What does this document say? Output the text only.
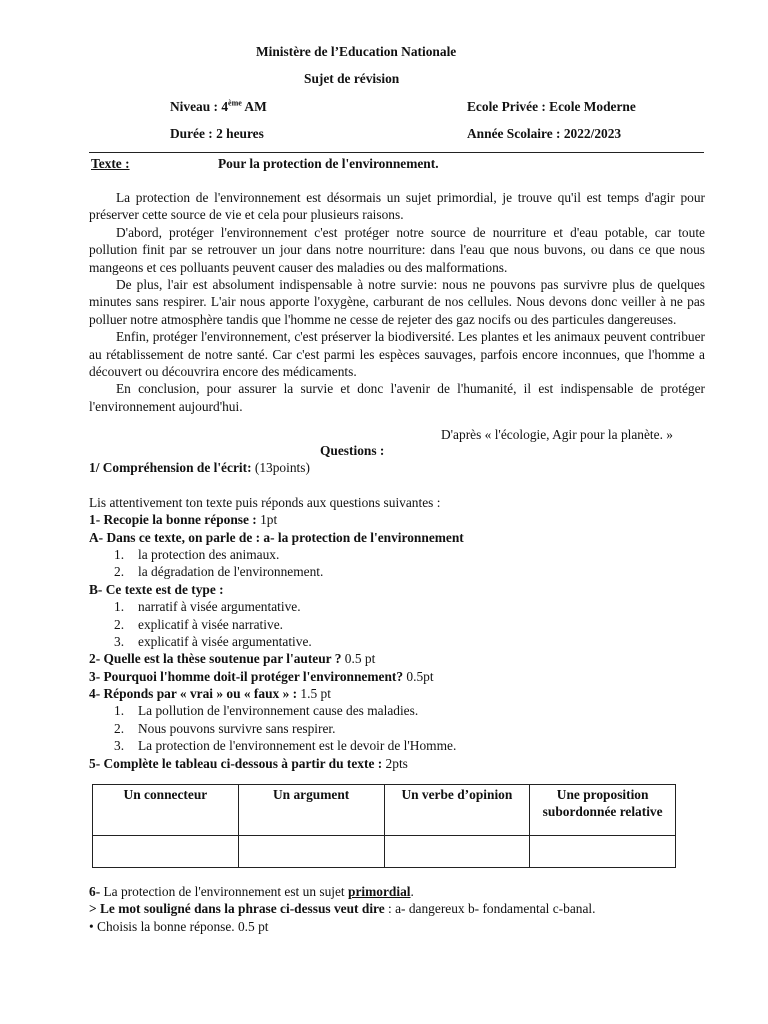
Ministère de l’Education Nationale
Sujet de révision
Niveau : 4ème AM	Ecole Privée : Ecole Moderne
Durée : 2 heures	Année Scolaire : 2022/2023
Texte :	Pour la protection de l'environnement.

La protection de l'environnement est désormais un sujet primordial, je trouve qu'il est temps d'agir pour préserver cette source de vie et cela pour plusieurs raisons.

D'abord, protéger l'environnement c'est protéger notre source de nourriture et d'eau potable, car toute pollution finit par se retrouver un jour dans notre nourriture: dans l'eau que nous buvons, ou dans ce que nous mangeons et ces polluants peuvent causer des maladies ou des malformations.

De plus, l'air est absolument indispensable à notre survie: nous ne pouvons pas survivre plus de quelques minutes sans respirer. L'air nous apporte l'oxygène, carburant de nos cellules. Nous devons donc veiller à ne pas polluer notre atmosphère tandis que l'homme ne cesse de rejeter des gaz nocifs ou des particules dangereuses.

Enfin, protéger l'environnement, c'est préserver la biodiversité. Les plantes et les animaux peuvent contribuer au rétablissement de notre santé. Car c'est parmi les espèces sauvages, parfois encore inconnues, que l'homme a découvert ou découvrira encore des médicaments.

En conclusion, pour assurer la survie et donc l'avenir de l'humanité, il est indispensable de protéger l'environnement aujourd'hui.

D'après « l'écologie, Agir pour la planète. »
Questions :
1/ Compréhension de l'écrit: (13points)
Lis attentivement ton texte puis réponds aux questions suivantes :
1- Recopie la bonne réponse : 1pt
A- Dans ce texte, on parle de : a- la protection de l'environnement
1. la protection des animaux.
2. la dégradation de l'environnement.
B- Ce texte est de type :
1. narratif à visée argumentative.
2. explicatif à visée narrative.
3. explicatif à visée argumentative.
2- Quelle est la thèse soutenue par l'auteur ? 0.5 pt
3- Pourquoi l'homme doit-il protéger l'environnement? 0.5pt
4- Réponds par « vrai » ou « faux » : 1.5 pt
1. La pollution de l'environnement cause des maladies.
2. Nous pouvons survivre sans respirer.
3. La protection de l'environnement est le devoir de l'Homme.
5- Complète le tableau ci-dessous à partir du texte : 2pts
Un connecteur	Un argument	Un verbe d’opinion	Une proposition subordonnée relative

6- La protection de l'environnement est un sujet primordial.
> Le mot souligné dans la phrase ci-dessus veut dire : a- dangereux b- fondamental c-banal.
• Choisis la bonne réponse. 0.5 pt
